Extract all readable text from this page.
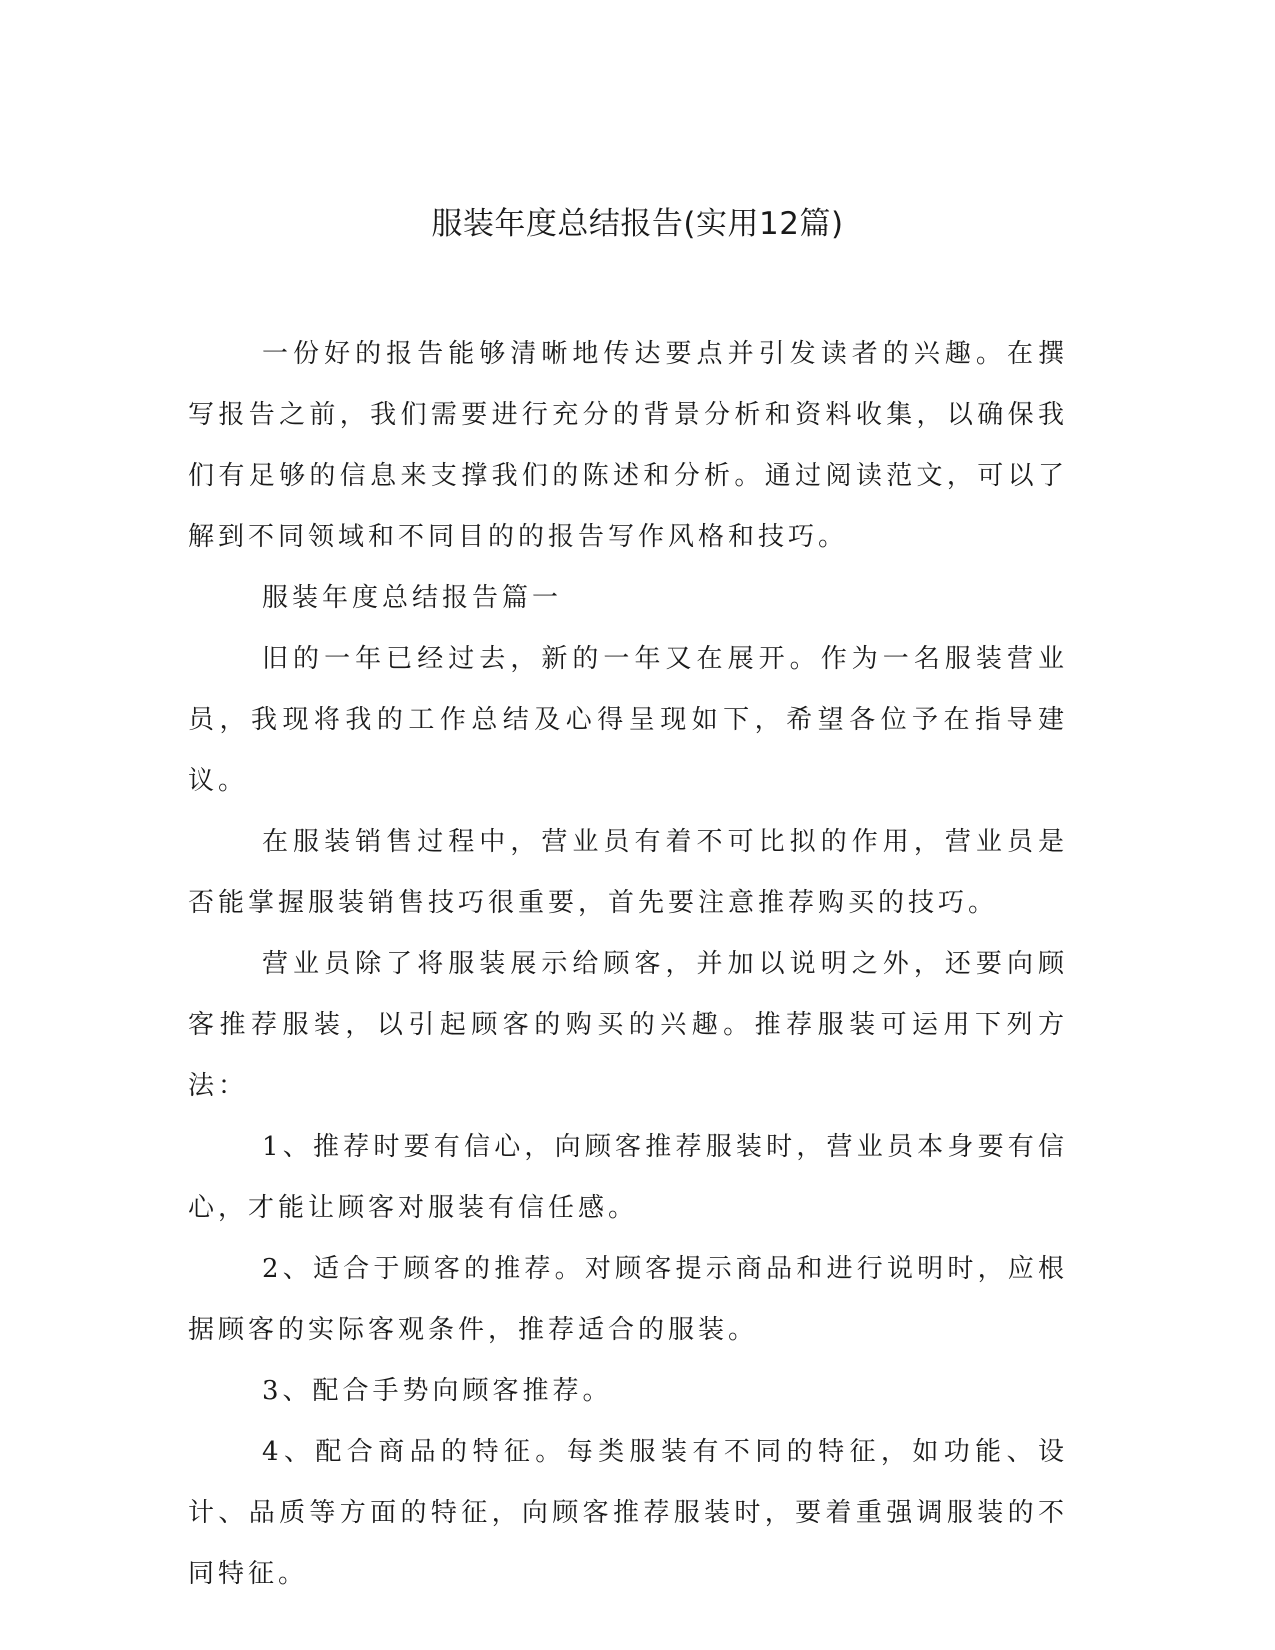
服装年度总结报告(实用12篇)

一份好的报告能够清晰地传达要点并引发读者的兴趣。在撰写报告之前，我们需要进行充分的背景分析和资料收集，以确保我们有足够的信息来支撑我们的陈述和分析。通过阅读范文，可以了解到不同领域和不同目的的报告写作风格和技巧。

服装年度总结报告篇一

旧的一年已经过去，新的一年又在展开。作为一名服装营业员，我现将我的工作总结及心得呈现如下，希望各位予在指导建议。

在服装销售过程中，营业员有着不可比拟的作用，营业员是否能掌握服装销售技巧很重要，首先要注意推荐购买的技巧。

营业员除了将服装展示给顾客，并加以说明之外，还要向顾客推荐服装，以引起顾客的购买的兴趣。推荐服装可运用下列方法：

1、推荐时要有信心，向顾客推荐服装时，营业员本身要有信心，才能让顾客对服装有信任感。

2、适合于顾客的推荐。对顾客提示商品和进行说明时，应根据顾客的实际客观条件，推荐适合的服装。

3、配合手势向顾客推荐。

4、配合商品的特征。每类服装有不同的特征，如功能、设计、品质等方面的特征，向顾客推荐服装时，要着重强调服装的不同特征。
